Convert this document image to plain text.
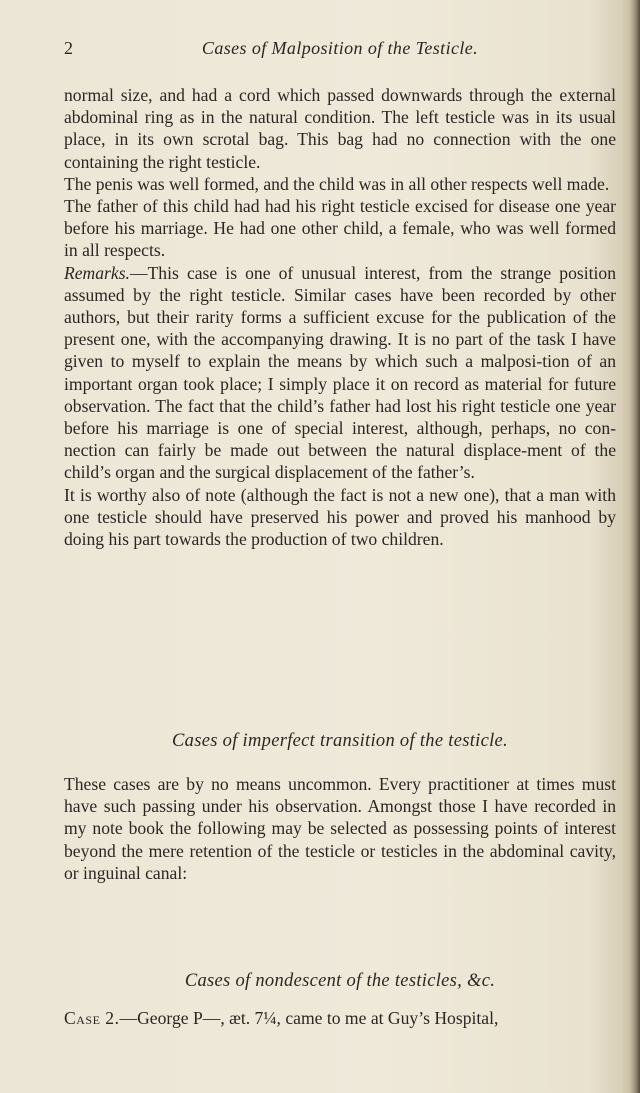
2	Cases of Malposition of the Testicle.

normal size, and had a cord which passed downwards through the external abdominal ring as in the natural condition. The left testicle was in its usual place, in its own scrotal bag. This bag had no connection with the one containing the right testicle.

The penis was well formed, and the child was in all other respects well made.

The father of this child had had his right testicle excised for disease one year before his marriage. He had one other child, a female, who was well formed in all respects.

Remarks.—This case is one of unusual interest, from the strange position assumed by the right testicle. Similar cases have been recorded by other authors, but their rarity forms a sufficient excuse for the publication of the present one, with the accompanying drawing. It is no part of the task I have given to myself to explain the means by which such a malposi-tion of an important organ took place; I simply place it on record as material for future observation. The fact that the child’s father had lost his right testicle one year before his marriage is one of special interest, although, perhaps, no con-nection can fairly be made out between the natural displace-ment of the child’s organ and the surgical displacement of the father’s.

It is worthy also of note (although the fact is not a new one), that a man with one testicle should have preserved his power and proved his manhood by doing his part towards the production of two children.

Cases of imperfect transition of the testicle.

These cases are by no means uncommon. Every practitioner at times must have such passing under his observation. Amongst those I have recorded in my note book the following may be selected as possessing points of interest beyond the mere retention of the testicle or testicles in the abdominal cavity, or inguinal canal:

Cases of nondescent of the testicles, &c.

Case 2.—George P—, æt. 7¼, came to me at Guy’s Hospital,
